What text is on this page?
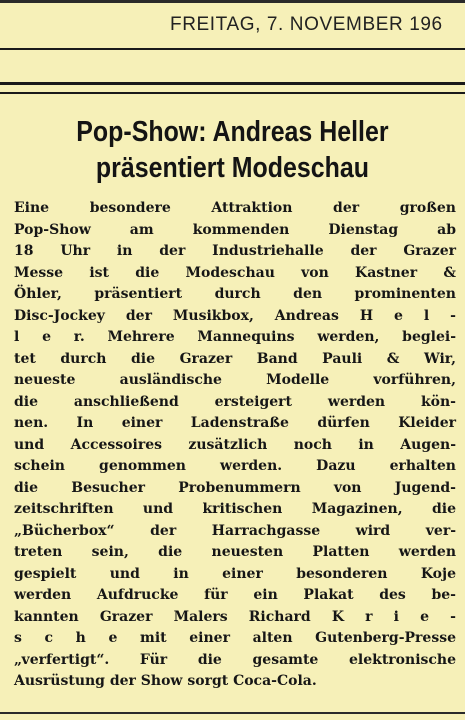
FREITAG, 7. NOVEMBER 196
Pop-Show: Andreas Heller
präsentiert Modeschau
Eine besondere Attraktion der großen
Pop-Show am kommenden Dienstag ab
18 Uhr in der Industriehalle der Grazer
Messe ist die Modeschau von Kastner &
Öhler, präsentiert durch den prominenten
Disc-Jockey der Musikbox, Andreas H e l -
l e r. Mehrere Mannequins werden, beglei-
tet durch die Grazer Band Pauli & Wir,
neueste ausländische Modelle vorführen,
die anschließend ersteigert werden kön-
nen. In einer Ladenstraße dürfen Kleider
und Accessoires zusätzlich noch in Augen-
schein genommen werden. Dazu erhalten
die Besucher Probenummern von Jugend-
zeitschriften und kritischen Magazinen, die
„Bücherbox“ der Harrachgasse wird ver-
treten sein, die neuesten Platten werden
gespielt und in einer besonderen Koje
werden Aufdrucke für ein Plakat des be-
kannten Grazer Malers Richard K r i e -
s c h e mit einer alten Gutenberg-Presse
„verfertigt“. Für die gesamte elektronische
Ausrüstung der Show sorgt Coca-Cola.
